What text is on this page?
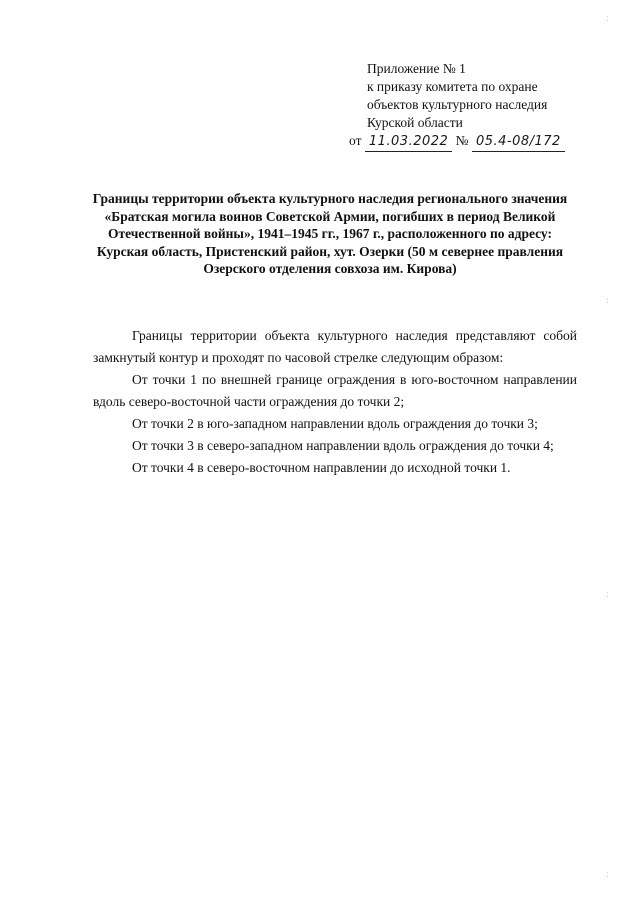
Приложение № 1
к приказу комитета по охране
объектов культурного наследия
Курской области
от 11.03.2022 № 05.4-08/172
Границы территории объекта культурного наследия регионального значения «Братская могила воинов Советской Армии, погибших в период Великой Отечественной войны», 1941–1945 гг., 1967 г., расположенного по адресу: Курская область, Пристенский район, хут. Озерки (50 м севернее правления Озерского отделения совхоза им. Кирова)

Границы территории объекта культурного наследия представляют собой замкнутый контур и проходят по часовой стрелке следующим образом:

От точки 1 по внешней границе ограждения в юго-восточном направлении вдоль северо-восточной части ограждения до точки 2;

От точки 2 в юго-западном направлении вдоль ограждения до точки 3;

От точки 3 в северо-западном направлении вдоль ограждения до точки 4;

От точки 4 в северо-восточном направлении до исходной точки 1.

:
:
:
:
